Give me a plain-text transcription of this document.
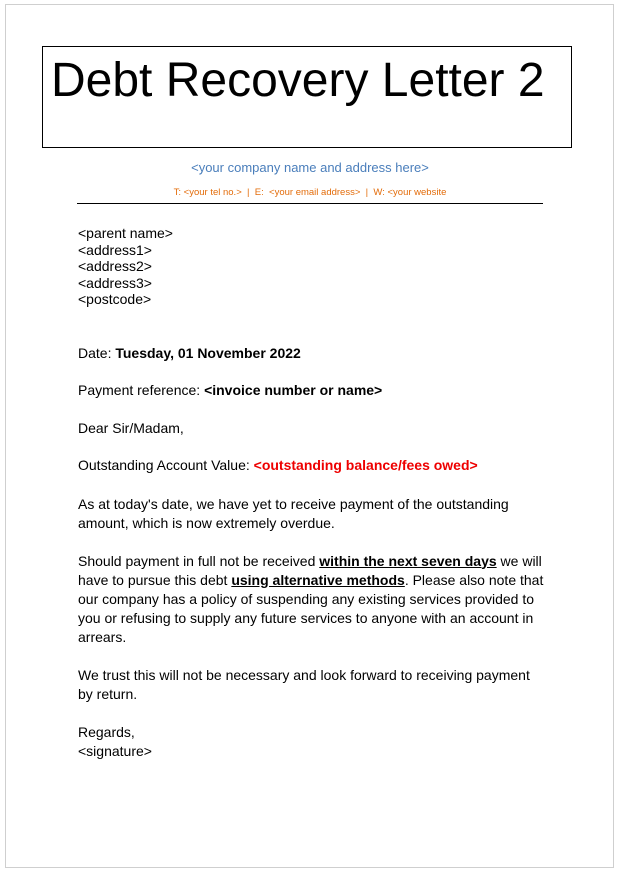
Debt Recovery Letter 2
<your company name and address here>
T: <your tel no.>  |  E:  <your email address>  |  W: <your website

<parent name>

<address1>

<address2>

<address3>

<postcode>

Date: Tuesday, 01 November 2022

Payment reference: <invoice number or name>

Dear Sir/Madam,

Outstanding Account Value: <outstanding balance/fees owed>

As at today's date, we have yet to receive payment of the outstanding amount, which is now extremely overdue.

Should payment in full not be received within the next seven days we will have to pursue this debt using alternative methods. Please also note that our company has a policy of suspending any existing services provided to you or refusing to supply any future services to anyone with an account in arrears.

We trust this will not be necessary and look forward to receiving payment by return.

Regards,

<signature>
